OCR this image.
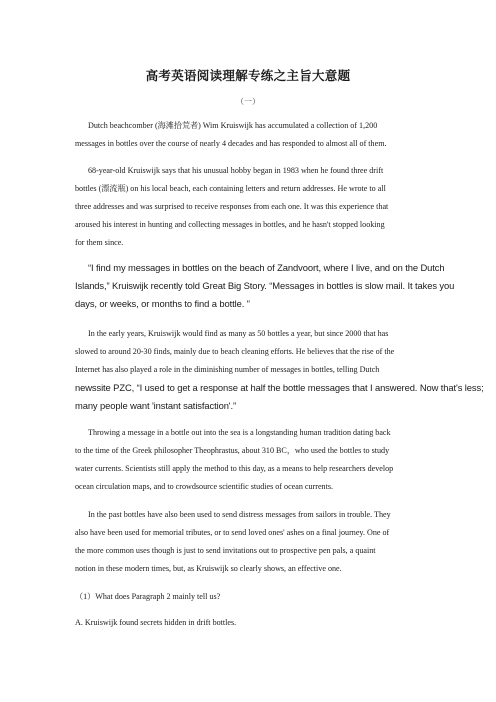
高考英语阅读理解专练之主旨大意题
（一）
Dutch beachcomber (海滩拾荒者) Wim Kruiswijk has accumulated a collection of 1,200
messages in bottles over the course of nearly 4 decades and has responded to almost all of them.
68-year-old Kruiswijk says that his unusual hobby began in 1983 when he found three drift
bottles (漂流瓶) on his local beach, each containing letters and return addresses. He wrote to all
three addresses and was surprised to receive responses from each one. It was this experience that
aroused his interest in hunting and collecting messages in bottles, and he hasn't stopped looking
for them since.
“I find my messages in bottles on the beach of Zandvoort, where I live, and on the Dutch
Islands,” Kruiswijk recently told Great Big Story. “Messages in bottles is slow mail. It takes you
days, or weeks, or months to find a bottle. ”
In the early years, Kruiswijk would find as many as 50 bottles a year, but since 2000 that has
slowed to around 20-30 finds, mainly due to beach cleaning efforts. He believes that the rise of the
Internet has also played a role in the diminishing number of messages in bottles, telling Dutch
newssite PZC, “I used to get a response at half the bottle messages that I answered. Now that's less;
many people want 'instant satisfaction'.”
Throwing a message in a bottle out into the sea is a longstanding human tradition dating back
to the time of the Greek philosopher Theophrastus, about 310 BC，who used the bottles to study
water currents. Scientists still apply the method to this day, as a means to help researchers develop
ocean circulation maps, and to crowdsource scientific studies of ocean currents.
In the past bottles have also been used to send distress messages from sailors in trouble. They
also have been used for memorial tributes, or to send loved ones' ashes on a final journey. One of
the more common uses though is just to send invitations out to prospective pen pals, a quaint
notion in these modern times, but, as Kruiswijk so clearly shows, an effective one.
（1）What does Paragraph 2 mainly tell us?
A. Kruiswijk found secrets hidden in drift bottles.
